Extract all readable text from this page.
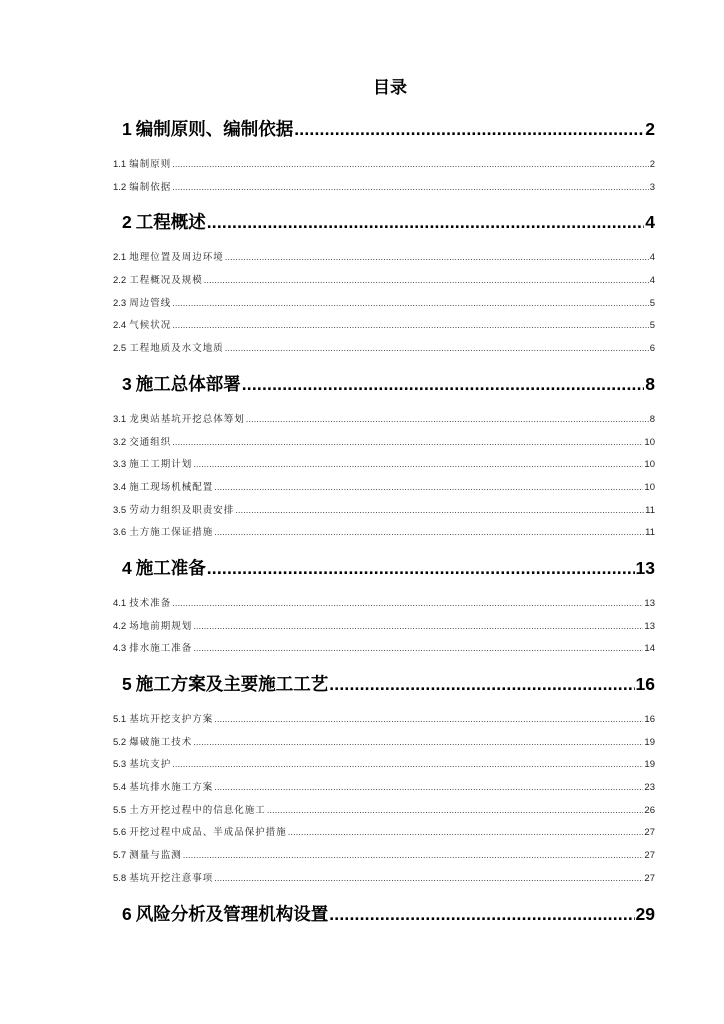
目录
1 编制原则、编制依据 .....	2
1.1 编制原则 .....	2
1.2 编制依据 .....	3
2 工程概述 .....	4
2.1 地理位置及周边环境 .....	4
2.2 工程概况及规模 .....	4
2.3 周边管线 .....	5
2.4 气候状况 .....	5
2.5 工程地质及水文地质 .....	6
3 施工总体部署 .....	8
3.1 龙奥站基坑开挖总体筹划 .....	8
3.2 交通组织 .....	10
3.3 施工工期计划 .....	10
3.4 施工现场机械配置 .....	10
3.5 劳动力组织及职责安排 .....	11
3.6 土方施工保证措施 .....	11
4 施工准备 .....	13
4.1 技术准备 .....	13
4.2 场地前期规划 .....	13
4.3 排水施工准备 .....	14
5 施工方案及主要施工工艺 .....	16
5.1 基坑开挖支护方案 .....	16
5.2 爆破施工技术 .....	19
5.3 基坑支护 .....	19
5.4 基坑排水施工方案 .....	23
5.5 土方开挖过程中的信息化施工 .....	26
5.6 开挖过程中成品、半成品保护措施 .....	27
5.7 测量与监测 .....	27
5.8 基坑开挖注意事项 .....	27
6 风险分析及管理机构设置 .....	29
